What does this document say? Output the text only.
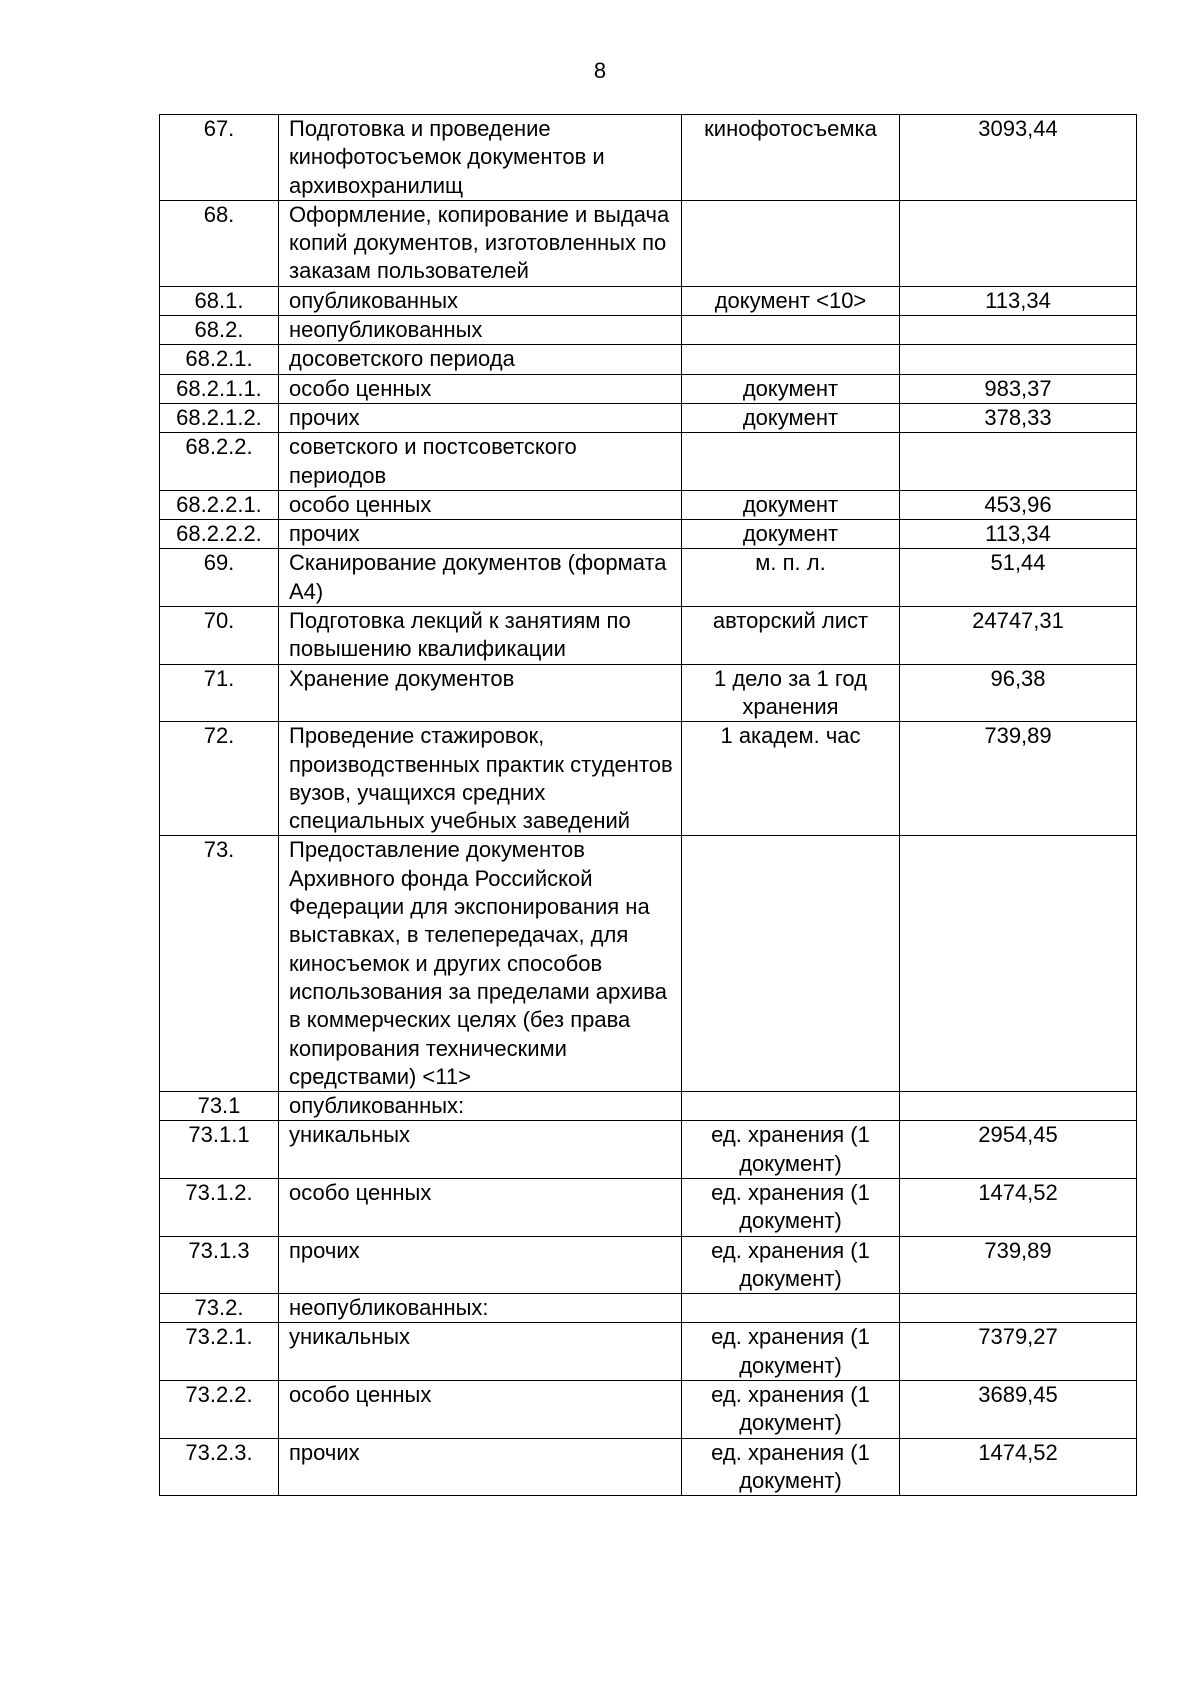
8
67.	Подготовка и проведение кинофотосъемок документов и архивохранилищ	кинофотосъемка	3093,44
68.	Оформление, копирование и выдача копий документов, изготовленных по заказам пользователей		
68.1.	опубликованных	документ <10>	113,34
68.2.	неопубликованных		
68.2.1.	досоветского периода		
68.2.1.1.	особо ценных	документ	983,37
68.2.1.2.	прочих	документ	378,33
68.2.2.	советского и постсоветского периодов		
68.2.2.1.	особо ценных	документ	453,96
68.2.2.2.	прочих	документ	113,34
69.	Сканирование документов (формата А4)	м. п. л.	51,44
70.	Подготовка лекций к занятиям по повышению квалификации	авторский лист	24747,31
71.	Хранение документов	1 дело за 1 год хранения	96,38
72.	Проведение стажировок, производственных практик студентов вузов, учащихся средних специальных учебных заведений	1 академ. час	739,89
73.	Предоставление документов Архивного фонда Российской Федерации для экспонирования на выставках, в телепередачах, для киносъемок и других способов использования за пределами архива в коммерческих целях (без права копирования техническими средствами) <11>		
73.1	опубликованных:		
73.1.1	уникальных	ед. хранения (1 документ)	2954,45
73.1.2.	особо ценных	ед. хранения (1 документ)	1474,52
73.1.3	прочих	ед. хранения (1 документ)	739,89
73.2.	неопубликованных:		
73.2.1.	уникальных	ед. хранения (1 документ)	7379,27
73.2.2.	особо ценных	ед. хранения (1 документ)	3689,45
73.2.3.	прочих	ед. хранения (1 документ)	1474,52
